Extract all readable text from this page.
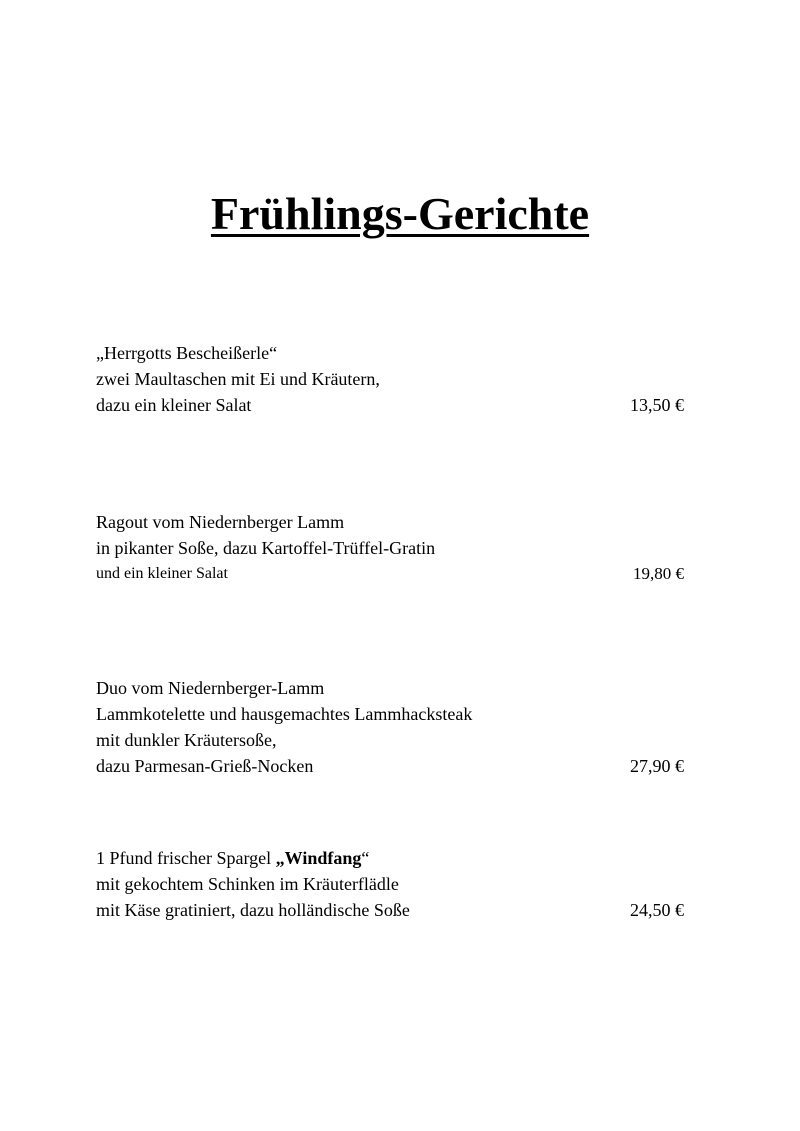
Frühlings-Gerichte
„Herrgotts Bescheißerle“
zwei Maultaschen mit Ei und Kräutern,
dazu ein kleiner Salat	13,50 €
Ragout vom Niedernberger Lamm
in pikanter Soße, dazu Kartoffel-Trüffel-Gratin
und ein kleiner Salat	19,80 €
Duo vom Niedernberger-Lamm
Lammkotelette und hausgemachtes Lammhacksteak
mit dunkler Kräutersoße,
dazu Parmesan-Grieß-Nocken	27,90 €
1 Pfund frischer Spargel „Windfang“
mit gekochtem Schinken im Kräuterflädle
mit Käse gratiniert, dazu holländische Soße	24,50 €
